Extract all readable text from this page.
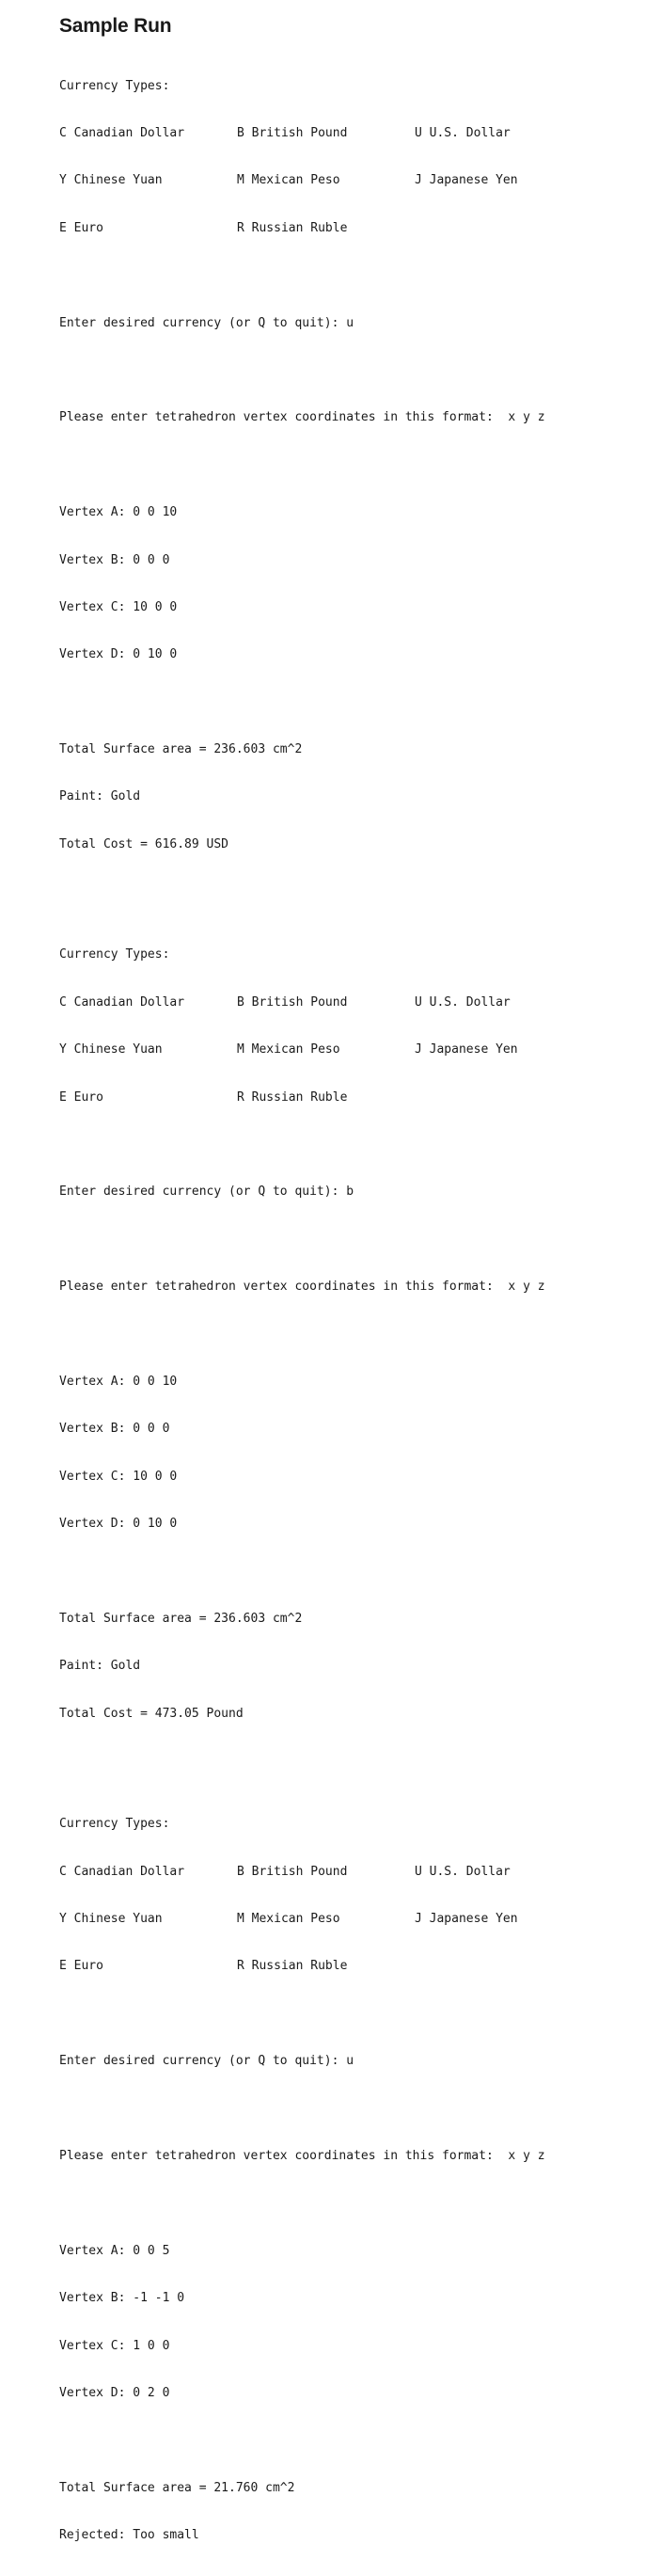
Sample Run

Currency Types:

C Canadian Dollar	B British Pound	U U.S. Dollar

Y Chinese Yuan	M Mexican Peso	J Japanese Yen

E Euro	R Russian Ruble

Enter desired currency (or Q to quit): u

Please enter tetrahedron vertex coordinates in this format:  x y z

Vertex A: 0 0 10

Vertex B: 0 0 0

Vertex C: 10 0 0

Vertex D: 0 10 0

Total Surface area = 236.603 cm^2

Paint: Gold

Total Cost = 616.89 USD

Currency Types:

C Canadian Dollar	B British Pound	U U.S. Dollar

Y Chinese Yuan	M Mexican Peso	J Japanese Yen

E Euro	R Russian Ruble

Enter desired currency (or Q to quit): b

Please enter tetrahedron vertex coordinates in this format:  x y z

Vertex A: 0 0 10

Vertex B: 0 0 0

Vertex C: 10 0 0

Vertex D: 0 10 0

Total Surface area = 236.603 cm^2

Paint: Gold

Total Cost = 473.05 Pound

Currency Types:

C Canadian Dollar	B British Pound	U U.S. Dollar

Y Chinese Yuan	M Mexican Peso	J Japanese Yen

E Euro	R Russian Ruble

Enter desired currency (or Q to quit): u

Please enter tetrahedron vertex coordinates in this format:  x y z

Vertex A: 0 0 5

Vertex B: -1 -1 0

Vertex C: 1 0 0

Vertex D: 0 2 0

Total Surface area = 21.760 cm^2

Rejected: Too small
